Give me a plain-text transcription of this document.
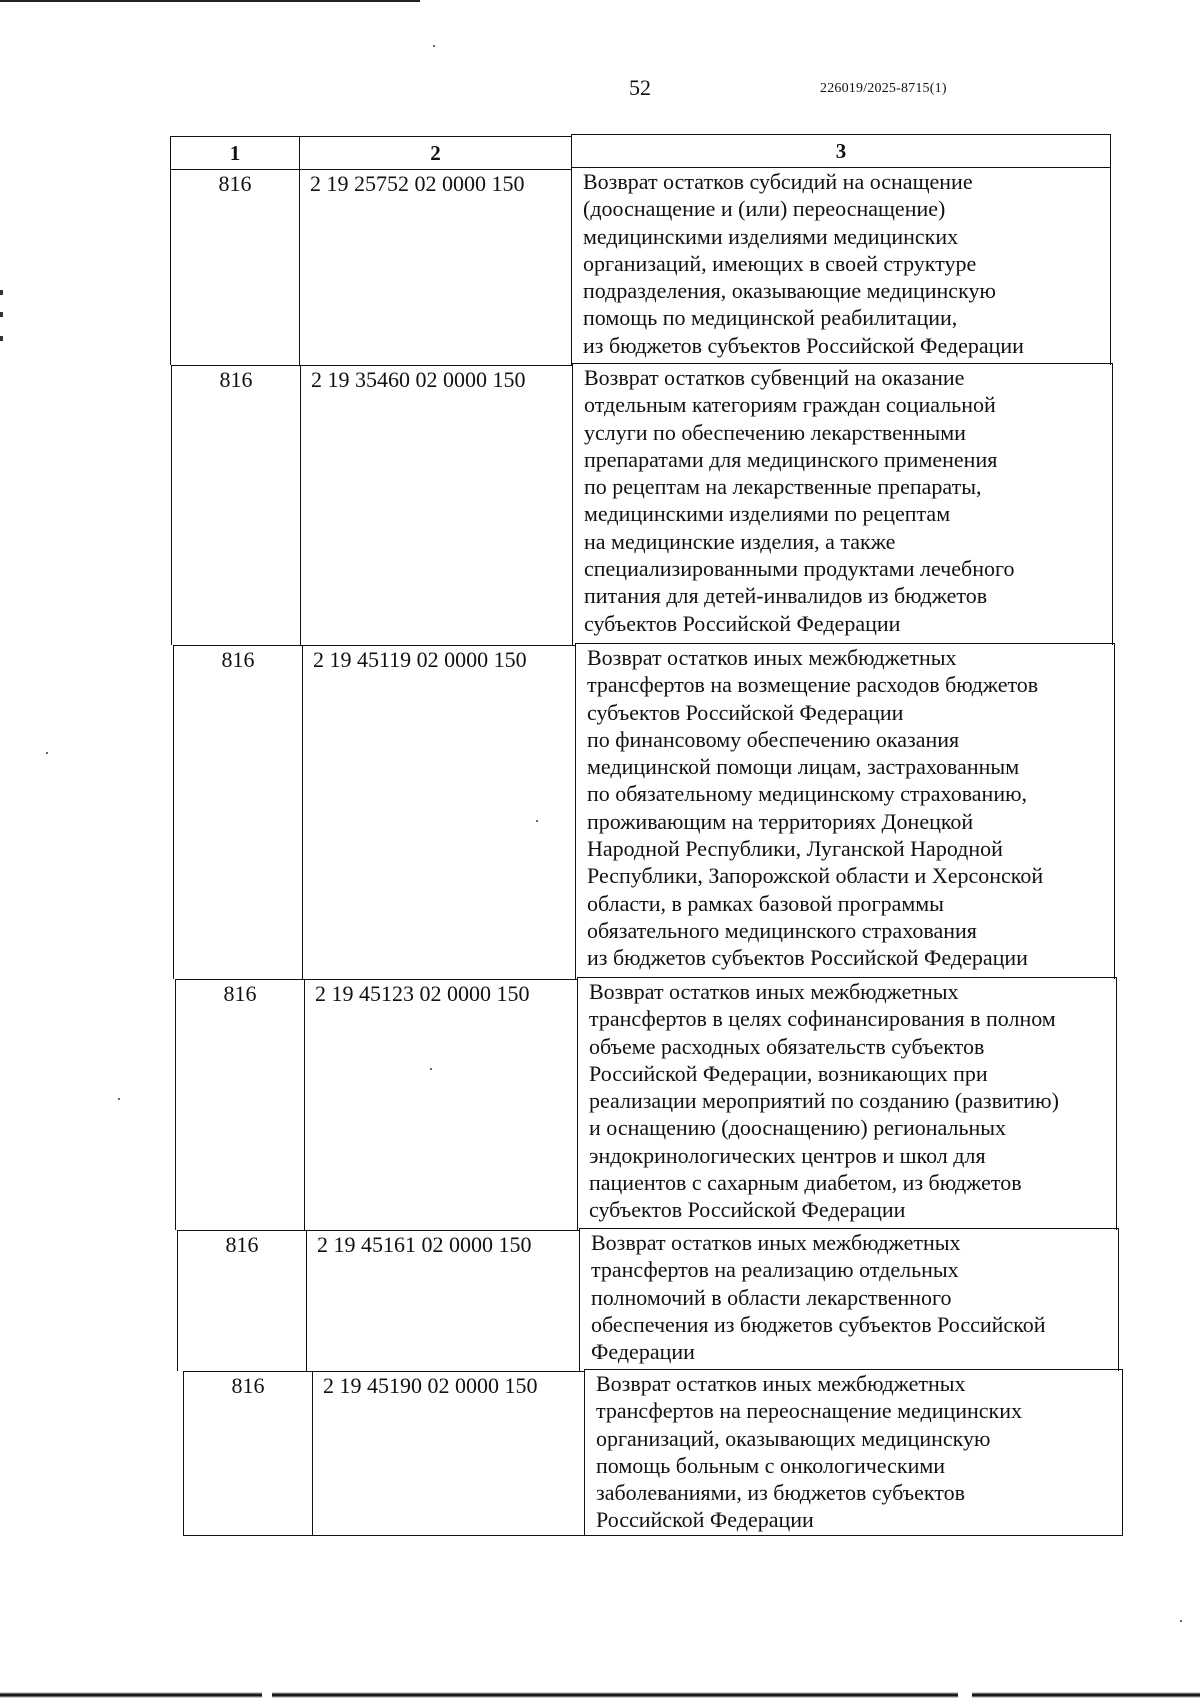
52	226019/2025-8715(1)
1	2	3
816	2 19 25752 02 0000 150	Возврат остатков субсидий на оснащение
(дооснащение и (или) переоснащение)
медицинскими изделиями медицинских
организаций, имеющих в своей структуре
подразделения, оказывающие медицинскую
помощь по медицинской реабилитации,
из бюджетов субъектов Российской Федерации
816	2 19 35460 02 0000 150	Возврат остатков субвенций на оказание
отдельным категориям граждан социальной
услуги по обеспечению лекарственными
препаратами для медицинского применения
по рецептам на лекарственные препараты,
медицинскими изделиями по рецептам
на медицинские изделия, а также
специализированными продуктами лечебного
питания для детей-инвалидов из бюджетов
субъектов Российской Федерации
816	2 19 45119 02 0000 150	Возврат остатков иных межбюджетных
трансфертов на возмещение расходов бюджетов
субъектов Российской Федерации
по финансовому обеспечению оказания
медицинской помощи лицам, застрахованным
по обязательному медицинскому страхованию,
проживающим на территориях Донецкой
Народной Республики, Луганской Народной
Республики, Запорожской области и Херсонской
области, в рамках базовой программы
обязательного медицинского страхования
из бюджетов субъектов Российской Федерации
816	2 19 45123 02 0000 150	Возврат остатков иных межбюджетных
трансфертов в целях софинансирования в полном
объеме расходных обязательств субъектов
Российской Федерации, возникающих при
реализации мероприятий по созданию (развитию)
и оснащению (дооснащению) региональных
эндокринологических центров и школ для
пациентов с сахарным диабетом, из бюджетов
субъектов Российской Федерации
816	2 19 45161 02 0000 150	Возврат остатков иных межбюджетных
трансфертов на реализацию отдельных
полномочий в области лекарственного
обеспечения из бюджетов субъектов Российской
Федерации
816	2 19 45190 02 0000 150	Возврат остатков иных межбюджетных
трансфертов на переоснащение медицинских
организаций, оказывающих медицинскую
помощь больным с онкологическими
заболеваниями, из бюджетов субъектов
Российской Федерации
